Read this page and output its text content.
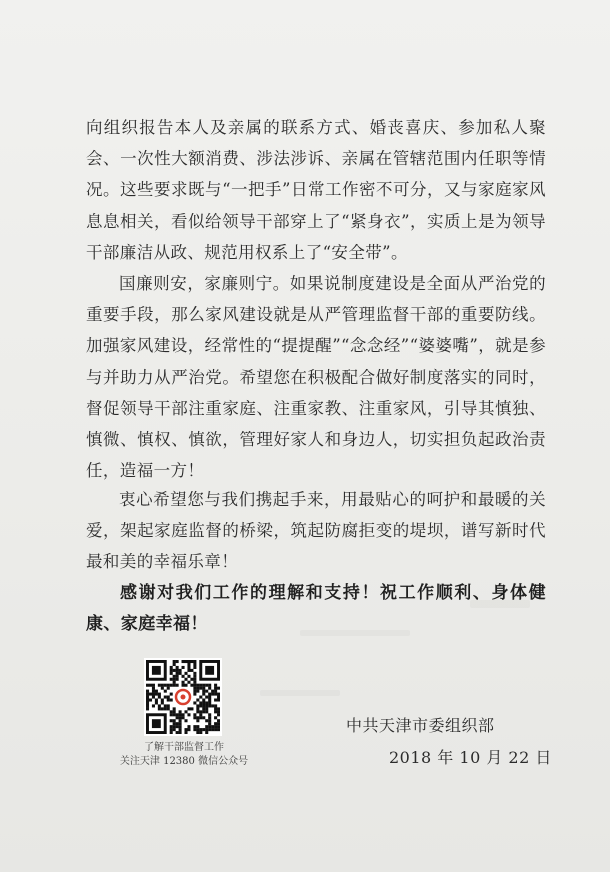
向组织报告本人及亲属的联系方式、婚丧喜庆、参加私人聚会、一次性大额消费、涉法涉诉、亲属在管辖范围内任职等情况。这些要求既与“一把手”日常工作密不可分，又与家庭家风息息相关，看似给领导干部穿上了“紧身衣”，实质上是为领导干部廉洁从政、规范用权系上了“安全带”。

国廉则安，家廉则宁。如果说制度建设是全面从严治党的重要手段，那么家风建设就是从严管理监督干部的重要防线。加强家风建设，经常性的“提提醒”“念念经”“婆婆嘴”，就是参与并助力从严治党。希望您在积极配合做好制度落实的同时，督促领导干部注重家庭、注重家教、注重家风，引导其慎独、慎微、慎权、慎欲，管理好家人和身边人，切实担负起政治责任，造福一方！

衷心希望您与我们携起手来，用最贴心的呵护和最暖的关爱，架起家庭监督的桥梁，筑起防腐拒变的堤坝，谱写新时代最和美的幸福乐章！

感谢对我们工作的理解和支持！祝工作顺利、身体健康、家庭幸福！

了解干部监督工作
关注天津 12380 微信公众号
中共天津市委组织部
2018 年 10 月 22 日
